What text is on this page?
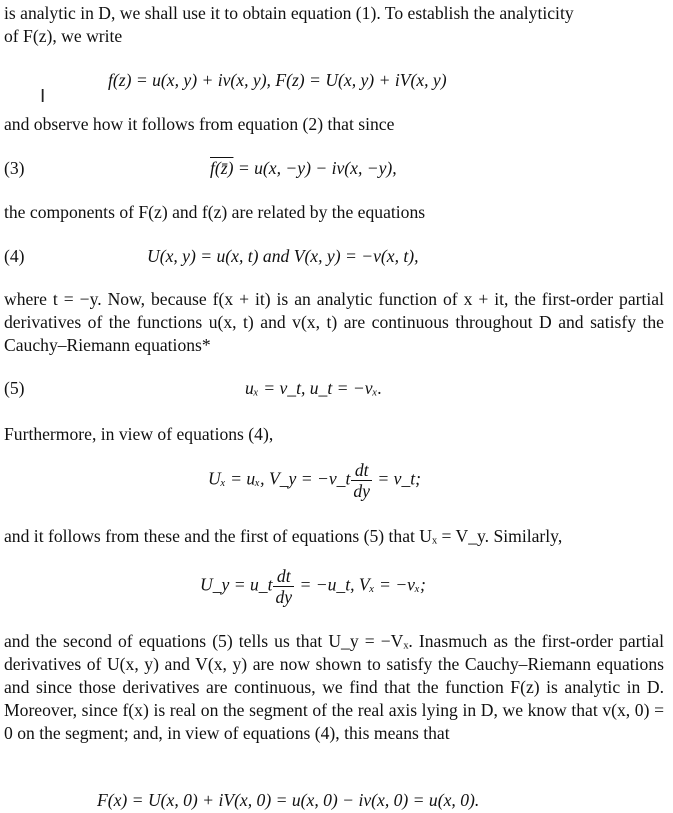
is analytic in D, we shall use it to obtain equation (1). To establish the analyticity
of F(z), we write
f(z) = u(x, y) + iv(x, y), F(z) = U(x, y) + iV(x, y)
I
and observe how it follows from equation (2) that since
(3)	f(z̄) = u(x, −y) − iv(x, −y),
the components of F(z) and f(z) are related by the equations
(4)	U(x, y) = u(x, t) and V(x, y) = −v(x, t),
where t = −y. Now, because f(x + it) is an analytic function of x + it, the first-order partial derivatives of the functions u(x, t) and v(x, t) are continuous throughout D and satisfy the Cauchy–Riemann equations*
(5)	uₓ = v_t, u_t = −vₓ.
Furthermore, in view of equations (4),
Uₓ = uₓ, V_y = −v_t $\frac{dt}{dy}$ = v_t;
and it follows from these and the first of equations (5) that Uₓ = V_y. Similarly,
U_y = u_t $\frac{dt}{dy}$ = −u_t, Vₓ = −vₓ;
and the second of equations (5) tells us that U_y = −Vₓ. Inasmuch as the first-order partial derivatives of U(x, y) and V(x, y) are now shown to satisfy the Cauchy–Riemann equations and since those derivatives are continuous, we find that the function F(z) is analytic in D. Moreover, since f(x) is real on the segment of the real axis lying in D, we know that v(x, 0) = 0 on the segment; and, in view of equations (4), this means that
F(x) = U(x, 0) + iV(x, 0) = u(x, 0) − iv(x, 0) = u(x, 0).
